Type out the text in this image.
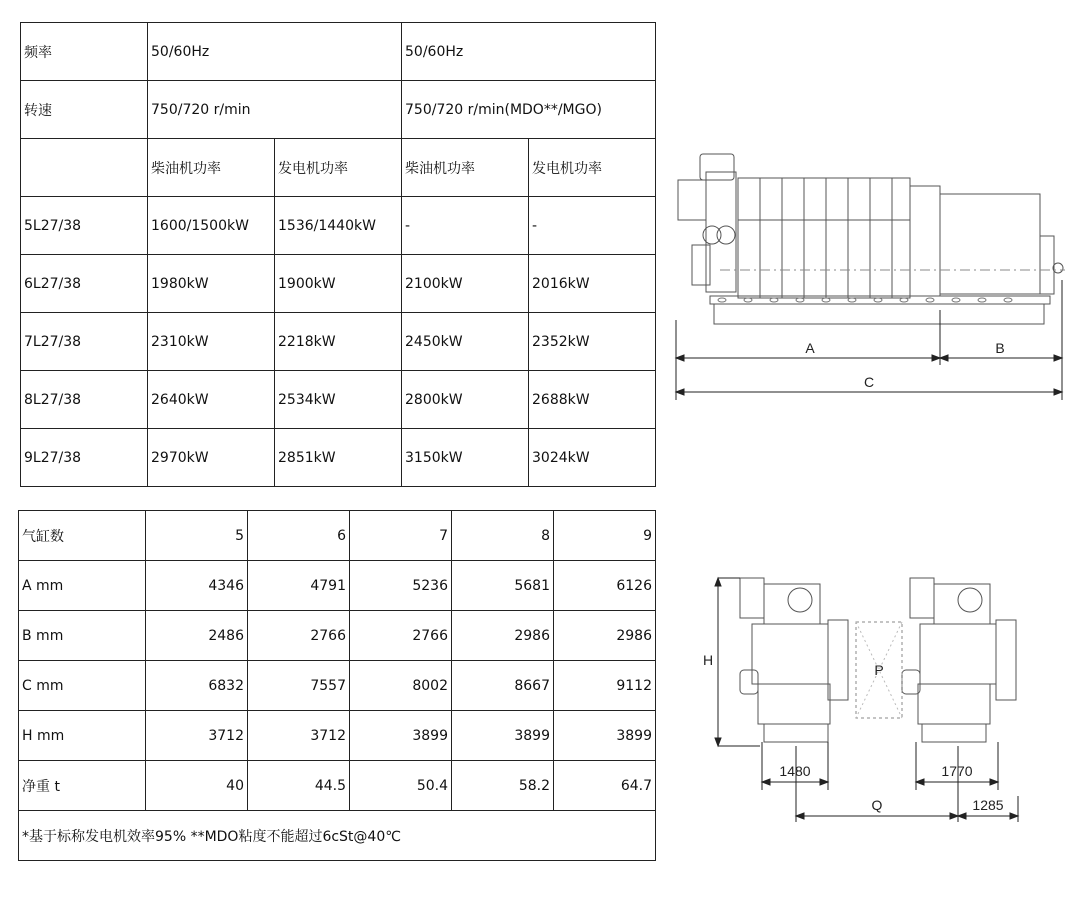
频率	50/60Hz		50/60Hz	
转速	750/720 r/min		750/720 r/min(MDO**/MGO)	
	柴油机功率	发电机功率	柴油机功率	发电机功率
5L27/38	1600/1500kW	1536/1440kW	-	-
6L27/38	1980kW	1900kW	2100kW	2016kW
7L27/38	2310kW	2218kW	2450kW	2352kW
8L27/38	2640kW	2534kW	2800kW	2688kW
9L27/38	2970kW	2851kW	3150kW	3024kW
气缸数	5	6	7	8	9
A mm	4346	4791	5236	5681	6126
B mm	2486	2766	2766	2986	2986
C mm	6832	7557	8002	8667	9112
H mm	3712	3712	3899	3899	3899
净重 t	40	44.5	50.4	58.2	64.7
*基于标称发电机效率95% **MDO粘度不能超过6cSt@40℃					
A	B
C
H
P
1480	1770
Q	1285
